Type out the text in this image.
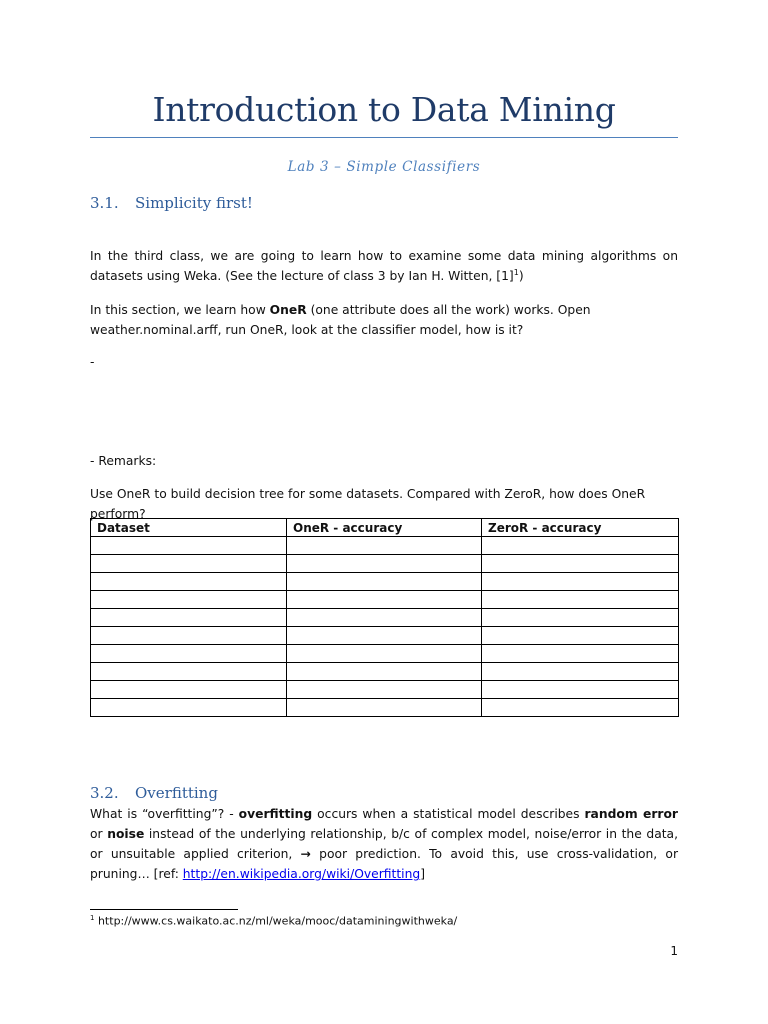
Introduction to Data Mining
Lab 3 – Simple Classifiers
3.1. Simplicity first!
In the third class, we are going to learn how to examine some data mining algorithms on datasets using Weka. (See the lecture of class 3 by Ian H. Witten, $[1]^1$)
In this section, we learn how OneR (one attribute does all the work) works. Open weather.nominal.arff, run OneR, look at the classifier model, how is it?
-
- Remarks:
Use OneR to build decision tree for some datasets. Compared with ZeroR, how does OneR perform?
Dataset	OneR - accuracy	ZeroR - accuracy

3.2. Overfitting
What is “overfitting”? - overfitting occurs when a statistical model describes random error or noise instead of the underlying relationship, b/c of complex model, noise/error in the data, or unsuitable applied criterion, → poor prediction. To avoid this, use cross-validation, or pruning… [ref: http://en.wikipedia.org/wiki/Overfitting]
$^1$ http://www.cs.waikato.ac.nz/ml/weka/mooc/dataminingwithweka/
1
